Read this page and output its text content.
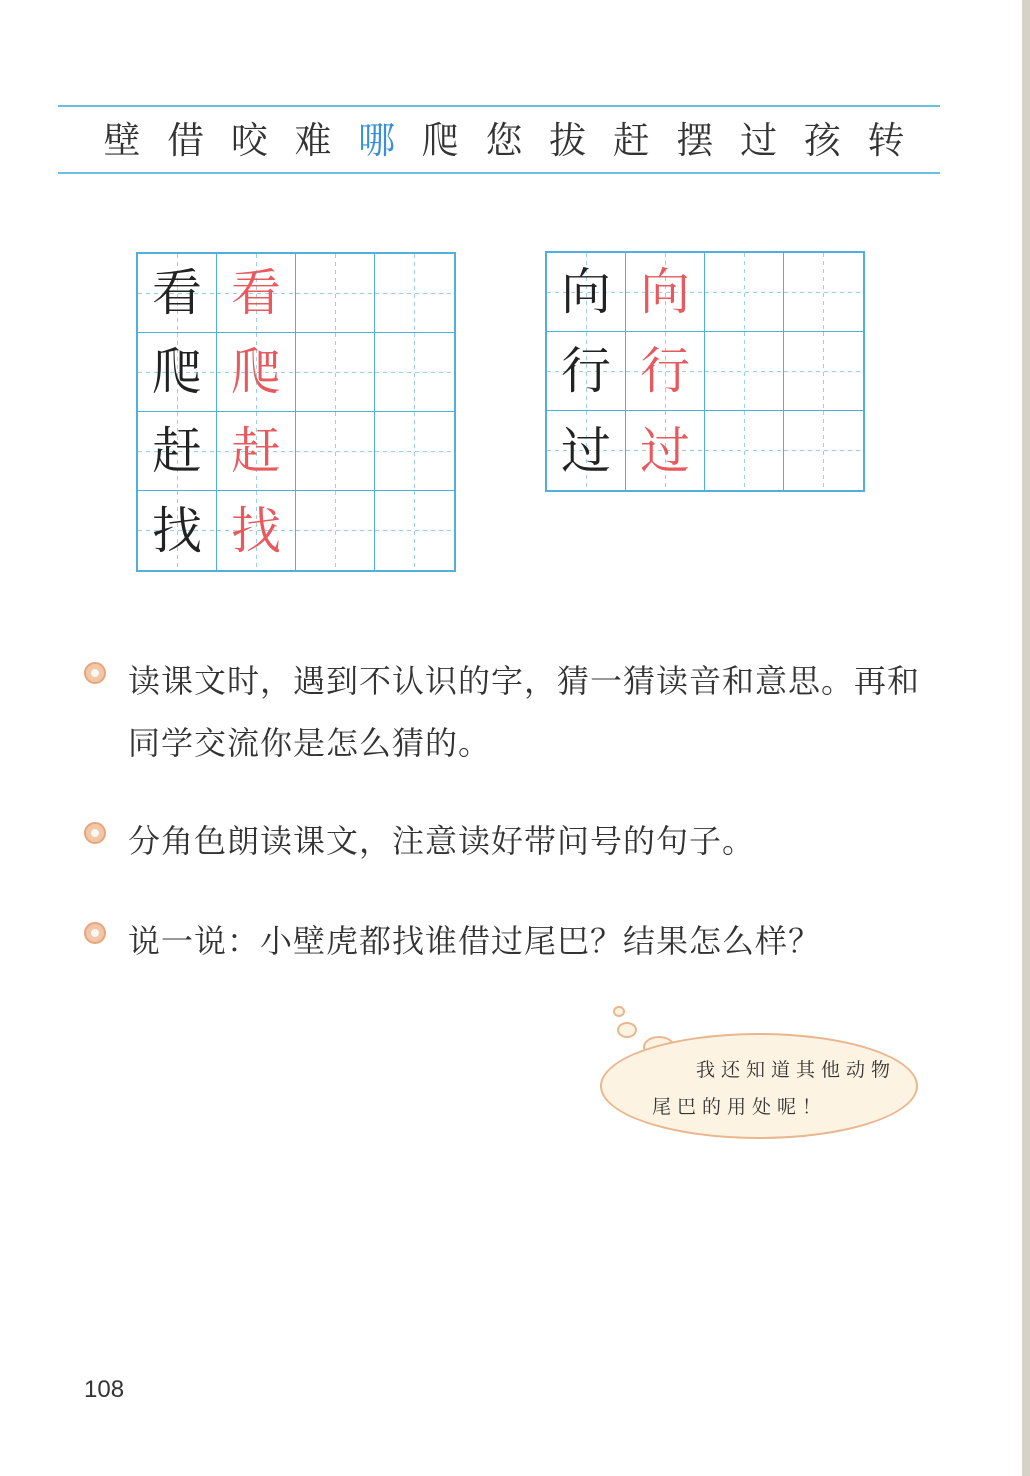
壁 借 咬 难 哪 爬 您 拔 赶 摆 过 孩 转
看 看
爬 爬
赶 赶
找 找
向 向
行 行
过 过
读课文时，遇到不认识的字，猜一猜读音和意思。再和同学交流你是怎么猜的。
分角色朗读课文，注意读好带问号的句子。
说一说：小壁虎都找谁借过尾巴？结果怎么样？
我还知道其他动物
尾巴的用处呢！
108
